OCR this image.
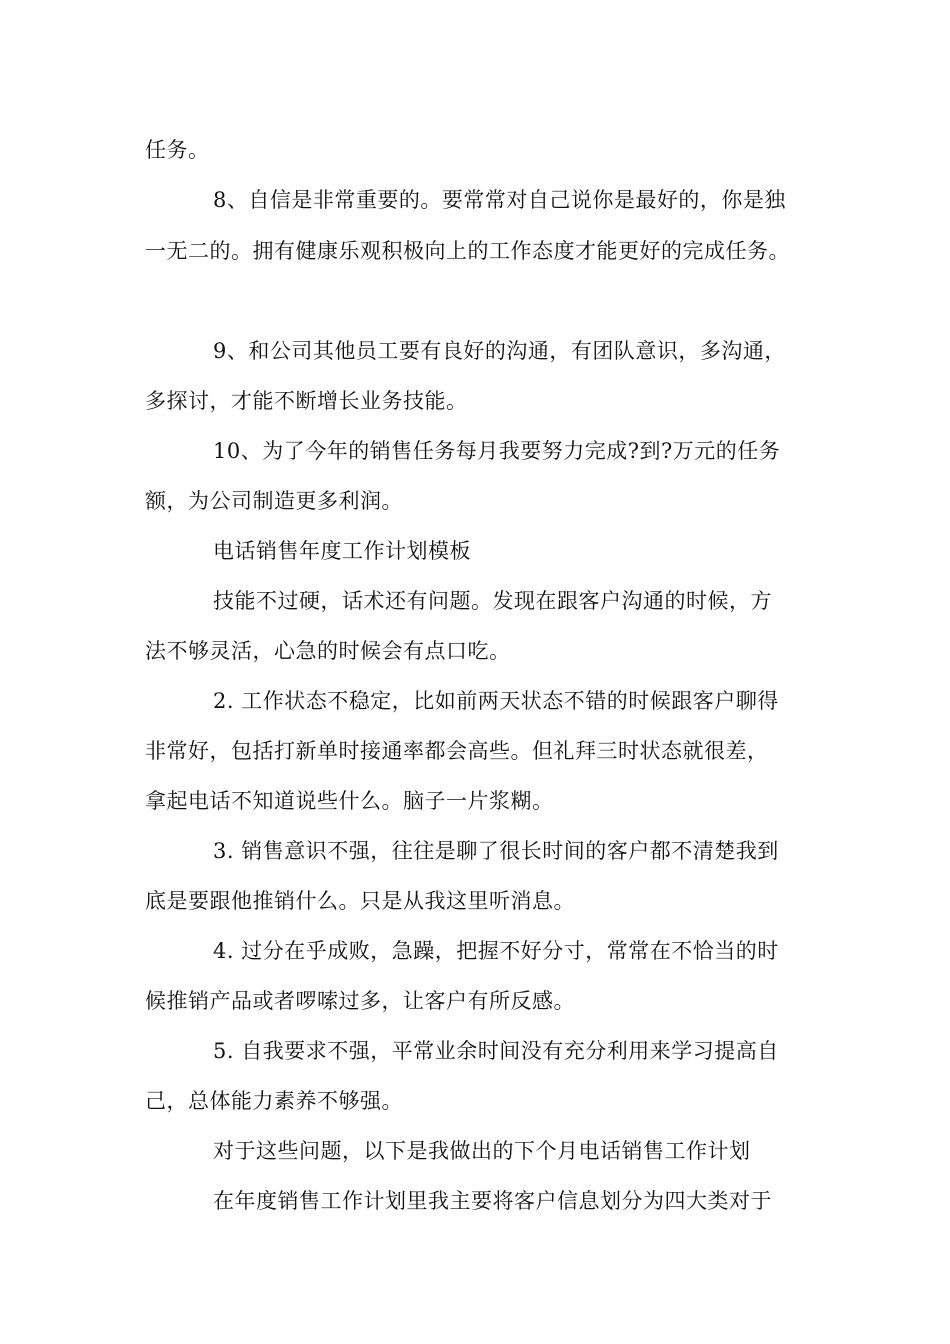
任务。
8、自信是非常重要的。要常常对自己说你是最好的，你是独
一无二的。拥有健康乐观积极向上的工作态度才能更好的完成任务。
9、和公司其他员工要有良好的沟通，有团队意识，多沟通，
多探讨，才能不断增长业务技能。
10、为了今年的销售任务每月我要努力完成?到?万元的任务
额，为公司制造更多利润。
电话销售年度工作计划模板
技能不过硬，话术还有问题。发现在跟客户沟通的时候，方
法不够灵活，心急的时候会有点口吃。
2. 工作状态不稳定，比如前两天状态不错的时候跟客户聊得
非常好，包括打新单时接通率都会高些。但礼拜三时状态就很差，
拿起电话不知道说些什么。脑子一片浆糊。
3. 销售意识不强，往往是聊了很长时间的客户都不清楚我到
底是要跟他推销什么。只是从我这里听消息。
4. 过分在乎成败，急躁，把握不好分寸，常常在不恰当的时
候推销产品或者啰嗦过多，让客户有所反感。
5. 自我要求不强，平常业余时间没有充分利用来学习提高自
己，总体能力素养不够强。
对于这些问题，以下是我做出的下个月电话销售工作计划
在年度销售工作计划里我主要将客户信息划分为四大类对于
